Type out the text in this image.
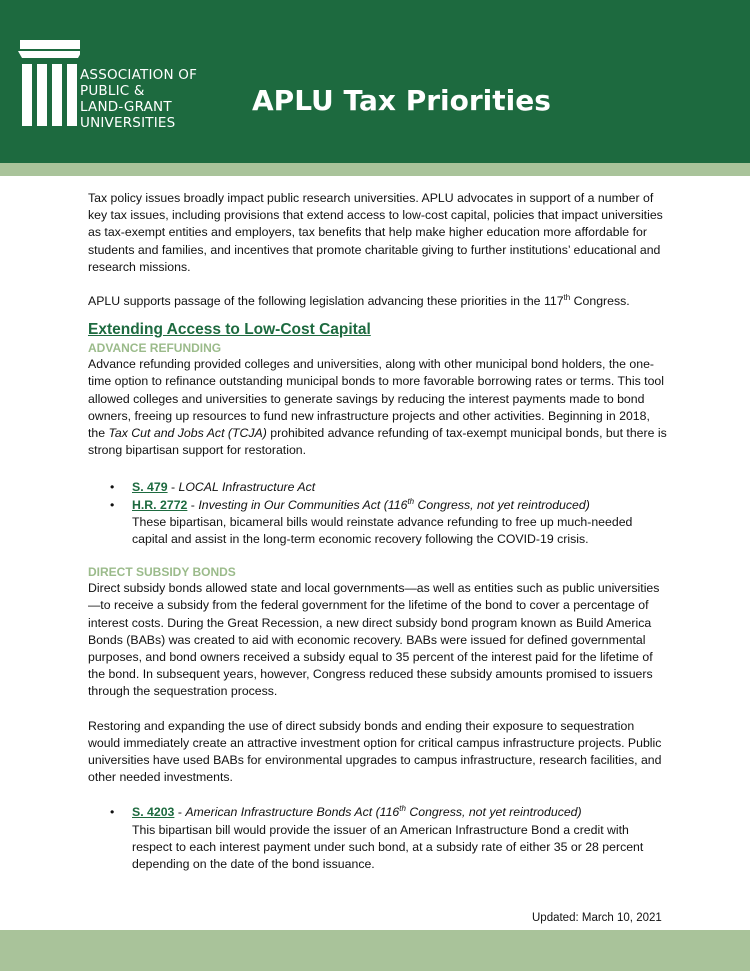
ASSOCIATION OF
PUBLIC &
LAND-GRANT
UNIVERSITIES
APLU Tax Priorities

Tax policy issues broadly impact public research universities. APLU advocates in support of a number of key tax issues, including provisions that extend access to low-cost capital, policies that impact universities as tax-exempt entities and employers, tax benefits that help make higher education more affordable for students and families, and incentives that promote charitable giving to further institutions’ educational and research missions.

APLU supports passage of the following legislation advancing these priorities in the 117th Congress.

Extending Access to Low-Cost Capital
ADVANCE REFUNDING

Advance refunding provided colleges and universities, along with other municipal bond holders, the one-time option to refinance outstanding municipal bonds to more favorable borrowing rates or terms. This tool allowed colleges and universities to generate savings by reducing the interest payments made to bond owners, freeing up resources to fund new infrastructure projects and other activities. Beginning in 2018, the Tax Cut and Jobs Act (TCJA) prohibited advance refunding of tax-exempt municipal bonds, but there is strong bipartisan support for restoration.

• S. 479 - LOCAL Infrastructure Act
• H.R. 2772 - Investing in Our Communities Act (116th Congress, not yet reintroduced)
These bipartisan, bicameral bills would reinstate advance refunding to free up much-needed capital and assist in the long-term economic recovery following the COVID-19 crisis.
DIRECT SUBSIDY BONDS

Direct subsidy bonds allowed state and local governments—as well as entities such as public universities—to receive a subsidy from the federal government for the lifetime of the bond to cover a percentage of interest costs. During the Great Recession, a new direct subsidy bond program known as Build America Bonds (BABs) was created to aid with economic recovery. BABs were issued for defined governmental purposes, and bond owners received a subsidy equal to 35 percent of the interest paid for the lifetime of the bond. In subsequent years, however, Congress reduced these subsidy amounts promised to issuers through the sequestration process.

Restoring and expanding the use of direct subsidy bonds and ending their exposure to sequestration would immediately create an attractive investment option for critical campus infrastructure projects. Public universities have used BABs for environmental upgrades to campus infrastructure, research facilities, and other needed investments.

• S. 4203 - American Infrastructure Bonds Act (116th Congress, not yet reintroduced)
This bipartisan bill would provide the issuer of an American Infrastructure Bond a credit with respect to each interest payment under such bond, at a subsidy rate of either 35 or 28 percent depending on the date of the bond issuance.
Updated: March 10, 2021
